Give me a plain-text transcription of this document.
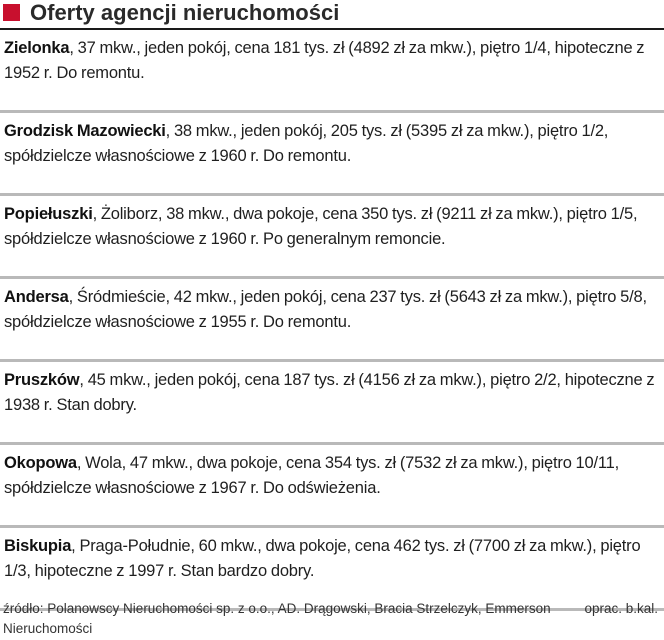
Oferty agencji nieruchomości
Zielonka, 37 mkw., jeden pokój, cena 181 tys. zł (4892 zł za mkw.), piętro 1/4, hipoteczne z 1952 r. Do remontu.
Grodzisk Mazowiecki, 38 mkw., jeden pokój, 205 tys. zł (5395 zł za mkw.), piętro 1/2, spółdzielcze własnościowe z 1960 r. Do remontu.
Popiełuszki, Żoliborz, 38 mkw., dwa pokoje, cena 350 tys. zł (9211 zł za mkw.), piętro 1/5, spółdzielcze własnościowe z 1960 r. Po generalnym remoncie.
Andersa, Śródmieście, 42 mkw., jeden pokój, cena 237 tys. zł (5643 zł za mkw.), piętro 5/8, spółdzielcze własnościowe z 1955 r. Do remontu.
Pruszków, 45 mkw., jeden pokój, cena 187 tys. zł (4156 zł za mkw.), piętro 2/2, hipoteczne z 1938 r. Stan dobry.
Okopowa, Wola, 47 mkw., dwa pokoje, cena 354 tys. zł (7532 zł za mkw.), piętro 10/11, spółdzielcze własnościowe z 1967 r. Do odświeżenia.
Biskupia, Praga-Południe, 60 mkw., dwa pokoje, cena 462 tys. zł (7700 zł za mkw.), piętro 1/3, hipoteczne z 1997 r. Stan bardzo dobry.
źródło: Polanowscy Nieruchomości sp. z o.o., AD. Drągowski, Bracia Strzelczyk, Emmerson Nieruchomości
oprac. b.kal.
